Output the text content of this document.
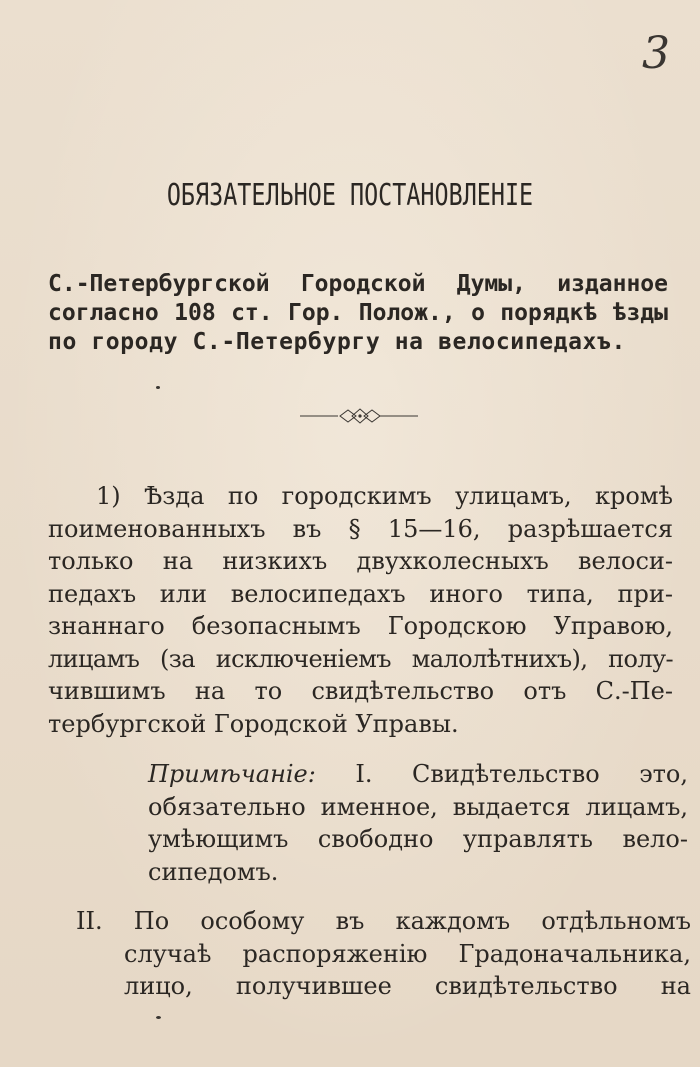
3
ОБЯЗАТЕЛЬНОЕ ПОСТАНОВЛЕНІЕ
С.-Петербургской Городской Думы, изданное
согласно 108 ст. Гор. Полож., о порядкѣ ѣзды
по городу С.-Петербургу на велосипедахъ.
1) Ѣзда по городскимъ улицамъ, кромѣ
поименованныхъ въ § 15—16, разрѣшается
только на низкихъ двухколесныхъ велоси-
педахъ или велосипедахъ иного типа, при-
знаннаго безопаснымъ Городскою Управою,
лицамъ (за исключеніемъ малолѣтнихъ), полу-
чившимъ на то свидѣтельство отъ С.-Пе-
тербургской Городской Управы.
Примѣчаніе: I. Свидѣтельство это,
обязательно именное, выдается лицамъ,
умѣющимъ свободно управлять вело-
сипедомъ.
II. По особому въ каждомъ отдѣльномъ
случаѣ распоряженію Градоначальника,
лицо, получившее свидѣтельство на
